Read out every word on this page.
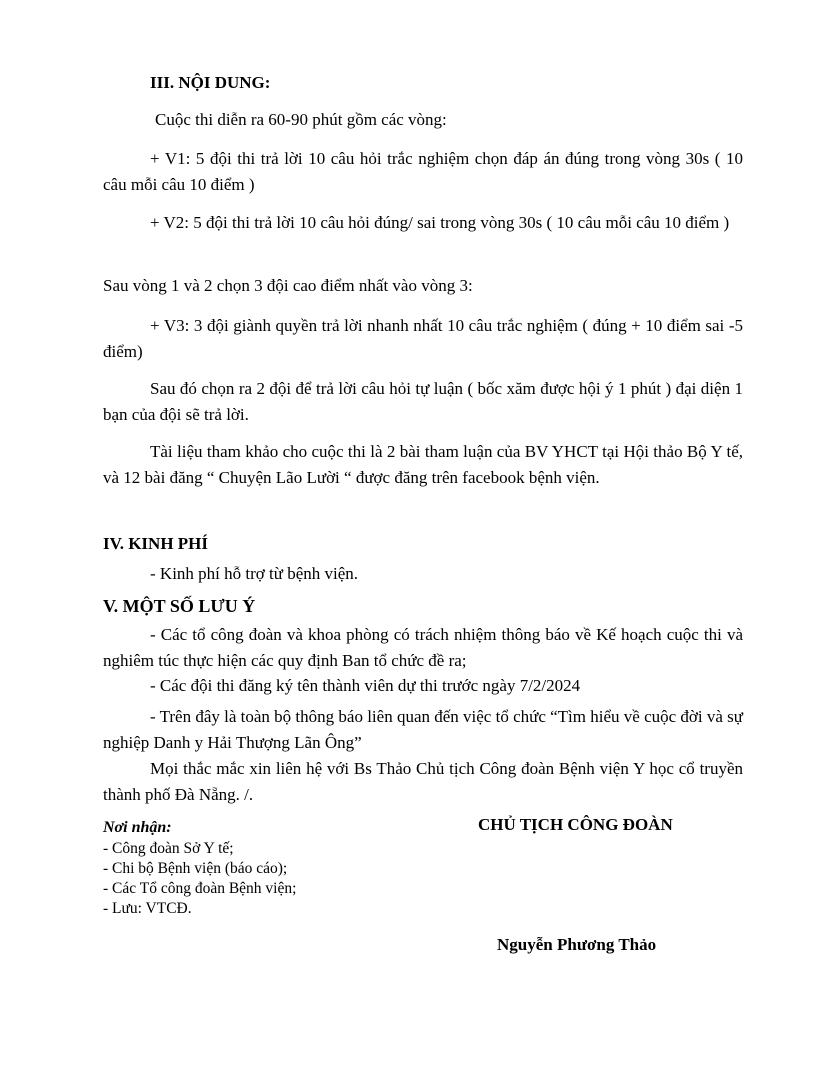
III. NỘI DUNG:
Cuộc thi diễn ra 60-90 phút gồm các vòng:
+ V1: 5 đội thi trả lời 10 câu hỏi trắc nghiệm chọn đáp án đúng trong vòng 30s ( 10 câu mỗi câu 10 điểm )
+ V2: 5 đội thi trả lời 10 câu hỏi đúng/ sai trong vòng 30s ( 10 câu mỗi câu 10 điểm )
Sau vòng 1 và 2 chọn 3 đội cao điểm nhất vào vòng 3:
+ V3: 3 đội giành quyền trả lời nhanh nhất 10 câu trắc nghiệm ( đúng + 10 điểm sai -5 điểm)
Sau đó chọn ra 2 đội để trả lời câu hỏi tự luận ( bốc xăm được hội ý 1 phút ) đại diện 1 bạn của đội sẽ trả lời.
Tài liệu tham khảo cho cuộc thi là 2 bài tham luận của BV YHCT tại Hội thảo Bộ Y tế, và 12 bài đăng “ Chuyện Lão Lười “ được đăng trên facebook bệnh viện.
IV. KINH PHÍ
- Kinh phí hỗ trợ từ bệnh viện.
V. MỘT SỐ LƯU Ý
- Các tổ công đoàn và khoa phòng có trách nhiệm thông báo về Kế hoạch cuộc thi và nghiêm túc thực hiện các quy định Ban tổ chức đề ra;
- Các đội thi đăng ký tên thành viên dự thi trước ngày 7/2/2024
- Trên đây là toàn bộ thông báo liên quan đến việc tổ chức “Tìm hiểu về cuộc đời và sự nghiệp Danh y Hải Thượng Lãn Ông”
Mọi thắc mắc xin liên hệ với Bs Thảo Chủ tịch Công đoàn Bệnh viện Y học cổ truyền thành phố Đà Nẵng. /.
Nơi nhận:
- Công đoàn Sở Y tế;
- Chi bộ Bệnh viện (báo cáo);
- Các Tổ công đoàn Bệnh viện;
- Lưu: VTCĐ.
CHỦ TỊCH CÔNG ĐOÀN
Nguyễn Phương Thảo
